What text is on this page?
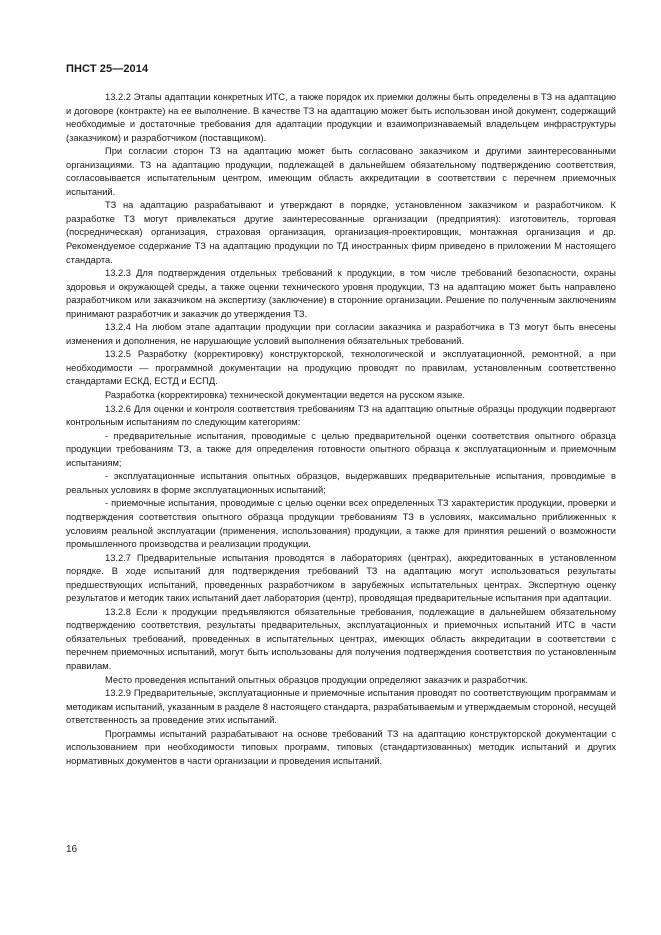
ПНСТ 25—2014

13.2.2 Этапы адаптации конкретных ИТС, а также порядок их приемки должны быть определены в ТЗ на адаптацию и договоре (контракте) на ее выполнение. В качестве ТЗ на адаптацию может быть использован иной документ, содержащий необходимые и достаточные требования для адаптации продукции и взаимопризнаваемый владельцем инфраструктуры (заказчиком) и разработчиком (поставщиком).

При согласии сторон ТЗ на адаптацию может быть согласовано заказчиком и другими заинтересованными организациями. ТЗ на адаптацию продукции, подлежащей в дальнейшем обязательному подтверждению соответствия, согласовывается испытательным центром, имеющим область аккредитации в соответствии с перечнем приемочных испытаний.

ТЗ на адаптацию разрабатывают и утверждают в порядке, установленном заказчиком и разработчиком. К разработке ТЗ могут привлекаться другие заинтересованные организации (предприятия): изготовитель, торговая (посредническая) организация, страховая организация, организация-проектировщик, монтажная организация и др. Рекомендуемое содержание ТЗ на адаптацию продукции по ТД иностранных фирм приведено в приложении М настоящего стандарта.

13.2.3 Для подтверждения отдельных требований к продукции, в том числе требований безопасности, охраны здоровья и окружающей среды, а также оценки технического уровня продукции, ТЗ на адаптацию может быть направлено разработчиком или заказчиком на экспертизу (заключение) в сторонние организации. Решение по полученным заключениям принимают разработчик и заказчик до утверждения ТЗ.

13.2.4 На любом этапе адаптации продукции при согласии заказчика и разработчика в ТЗ могут быть внесены изменения и дополнения, не нарушающие условий выполнения обязательных требований.

13.2.5 Разработку (корректировку) конструкторской, технологической и эксплуатационной, ремонтной, а при необходимости — программной документации на продукцию проводят по правилам, установленным соответственно стандартами ЕСКД, ЕСТД и ЕСПД.

Разработка (корректировка) технической документации ведется на русском языке.

13.2.6 Для оценки и контроля соответствия требованиям ТЗ на адаптацию опытные образцы продукции подвергают контрольным испытаниям по следующим категориям:

- предварительные испытания, проводимые с целью предварительной оценки соответствия опытного образца продукции требованиям ТЗ, а также для определения готовности опытного образца к эксплуатационным и приемочным испытаниям;

- эксплуатационные испытания опытных образцов, выдержавших предварительные испытания, проводимые в реальных условиях в форме эксплуатационных испытаний;

- приемочные испытания, проводимые с целью оценки всех определенных ТЗ характеристик продукции, проверки и подтверждения соответствия опытного образца продукции требованиям ТЗ в условиях, максимально приближенных к условиям реальной эксплуатации (применения, использования) продукции, а также для принятия решений о возможности промышленного производства и реализации продукции.

13.2.7 Предварительные испытания проводятся в лабораториях (центрах), аккредитованных в установленном порядке. В ходе испытаний для подтверждения требований ТЗ на адаптацию могут использоваться результаты предшествующих испытаний, проведенных разработчиком в зарубежных испытательных центрах. Экспертную оценку результатов и методик таких испытаний дает лаборатория (центр), проводящая предварительные испытания при адаптации.

13.2.8 Если к продукции предъявляются обязательные требования, подлежащие в дальнейшем обязательному подтверждению соответствия, результаты предварительных, эксплуатационных и приемочных испытаний ИТС в части обязательных требований, проведенных в испытательных центрах, имеющих область аккредитации в соответствии с перечнем приемочных испытаний, могут быть использованы для получения подтверждения соответствия по установленным правилам.

Место проведения испытаний опытных образцов продукции определяют заказчик и разработчик.

13.2.9 Предварительные, эксплуатационные и приемочные испытания проводят по соответствующим программам и методикам испытаний, указанным в разделе 8 настоящего стандарта, разрабатываемым и утверждаемым стороной, несущей ответственность за проведение этих испытаний.

Программы испытаний разрабатывают на основе требований ТЗ на адаптацию конструкторской документации с использованием при необходимости типовых программ, типовых (стандартизованных) методик испытаний и других нормативных документов в части организации и проведения испытаний.

16
